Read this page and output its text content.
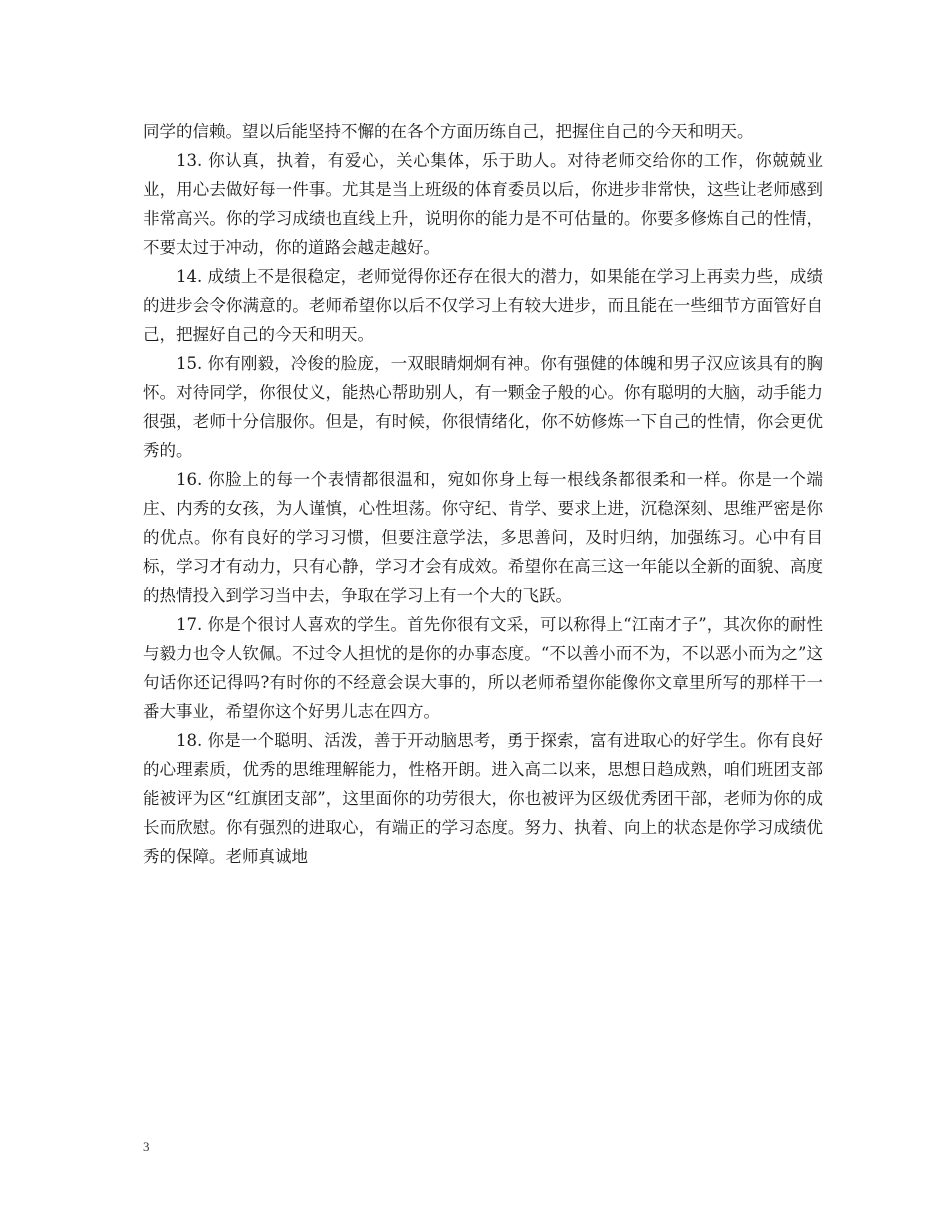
同学的信赖。望以后能坚持不懈的在各个方面历练自己，把握住自己的今天和明天。

13. 你认真，执着，有爱心，关心集体，乐于助人。对待老师交给你的工作，你兢兢业业，用心去做好每一件事。尤其是当上班级的体育委员以后，你进步非常快，这些让老师感到非常高兴。你的学习成绩也直线上升，说明你的能力是不可估量的。你要多修炼自己的性情，不要太过于冲动，你的道路会越走越好。

14. 成绩上不是很稳定，老师觉得你还存在很大的潜力，如果能在学习上再卖力些，成绩的进步会令你满意的。老师希望你以后不仅学习上有较大进步，而且能在一些细节方面管好自己，把握好自己的今天和明天。

15. 你有刚毅，冷俊的脸庞，一双眼睛炯炯有神。你有强健的体魄和男子汉应该具有的胸怀。对待同学，你很仗义，能热心帮助别人，有一颗金子般的心。你有聪明的大脑，动手能力很强，老师十分信服你。但是，有时候，你很情绪化，你不妨修炼一下自己的性情，你会更优秀的。

16. 你脸上的每一个表情都很温和，宛如你身上每一根线条都很柔和一样。你是一个端庄、内秀的女孩，为人谨慎，心性坦荡。你守纪、肯学、要求上进，沉稳深刻、思维严密是你的优点。你有良好的学习习惯，但要注意学法，多思善问，及时归纳，加强练习。心中有目标，学习才有动力，只有心静，学习才会有成效。希望你在高三这一年能以全新的面貌、高度的热情投入到学习当中去，争取在学习上有一个大的飞跃。

17. 你是个很讨人喜欢的学生。首先你很有文采，可以称得上“江南才子”，其次你的耐性与毅力也令人钦佩。不过令人担忧的是你的办事态度。“不以善小而不为，不以恶小而为之”这句话你还记得吗?有时你的不经意会误大事的，所以老师希望你能像你文章里所写的那样干一番大事业，希望你这个好男儿志在四方。

18. 你是一个聪明、活泼，善于开动脑思考，勇于探索，富有进取心的好学生。你有良好的心理素质，优秀的思维理解能力，性格开朗。进入高二以来，思想日趋成熟，咱们班团支部能被评为区“红旗团支部”，这里面你的功劳很大，你也被评为区级优秀团干部，老师为你的成长而欣慰。你有强烈的进取心，有端正的学习态度。努力、执着、向上的状态是你学习成绩优秀的保障。老师真诚地

3
